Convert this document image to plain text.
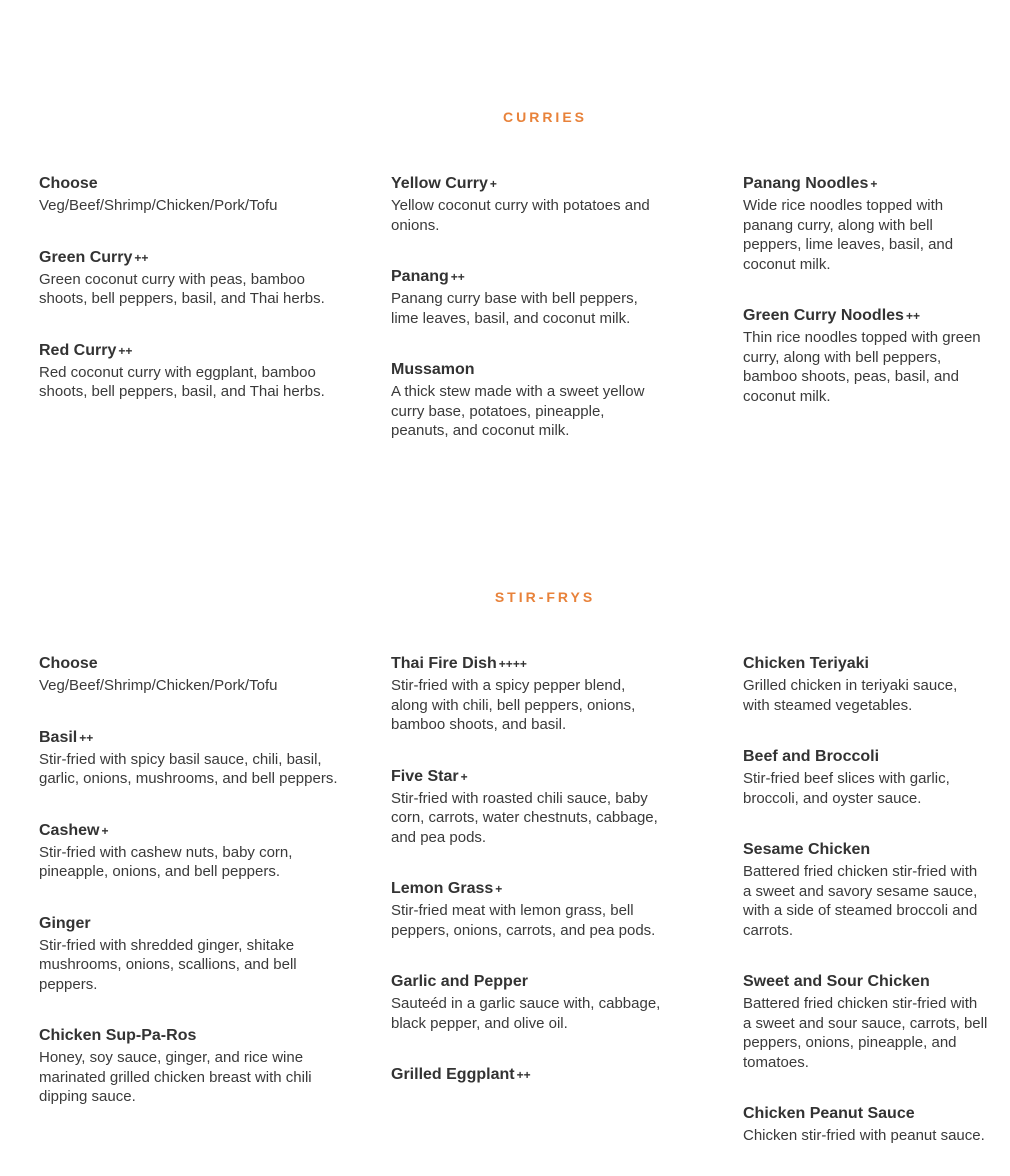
CURRIES

Choose

Veg/Beef/Shrimp/Chicken/Pork/Tofu

Green Curry ++

Green coconut curry with peas, bamboo shoots, bell peppers, basil, and Thai herbs.

Red Curry ++

Red coconut curry with eggplant, bamboo shoots, bell peppers, basil, and Thai herbs.

Yellow Curry +

Yellow coconut curry with potatoes and onions.

Panang ++

Panang curry base with bell peppers, lime leaves, basil, and coconut milk.

Mussamon

A thick stew made with a sweet yellow curry base, potatoes, pineapple, peanuts, and coconut milk.

Panang Noodles +

Wide rice noodles topped with panang curry, along with bell peppers, lime leaves, basil, and coconut milk.

Green Curry Noodles ++

Thin rice noodles topped with green curry, along with bell peppers, bamboo shoots, peas, basil, and coconut milk.

STIR-FRYS

Choose

Veg/Beef/Shrimp/Chicken/Pork/Tofu

Basil ++

Stir-fried with spicy basil sauce, chili, basil, garlic, onions, mushrooms, and bell peppers.

Cashew +

Stir-fried with cashew nuts, baby corn, pineapple, onions, and bell peppers.

Ginger

Stir-fried with shredded ginger, shitake mushrooms, onions, scallions, and bell peppers.

Chicken Sup-Pa-Ros

Honey, soy sauce, ginger, and rice wine marinated grilled chicken breast with chili dipping sauce.

Thai Fire Dish ++++

Stir-fried with a spicy pepper blend, along with chili, bell peppers, onions, bamboo shoots, and basil.

Five Star +

Stir-fried with roasted chili sauce, baby corn, carrots, water chestnuts, cabbage, and pea pods.

Lemon Grass +

Stir-fried meat with lemon grass, bell peppers, onions, carrots, and pea pods.

Garlic and Pepper

Sauteéd in a garlic sauce with, cabbage, black pepper, and olive oil.

Grilled Eggplant ++

Chicken Teriyaki

Grilled chicken in teriyaki sauce, with steamed vegetables.

Beef and Broccoli

Stir-fried beef slices with garlic, broccoli, and oyster sauce.

Sesame Chicken

Battered fried chicken stir-fried with a sweet and savory sesame sauce, with a side of steamed broccoli and carrots.

Sweet and Sour Chicken

Battered fried chicken stir-fried with a sweet and sour sauce, carrots, bell peppers, onions, pineapple, and tomatoes.

Chicken Peanut Sauce

Chicken stir-fried with peanut sauce.
